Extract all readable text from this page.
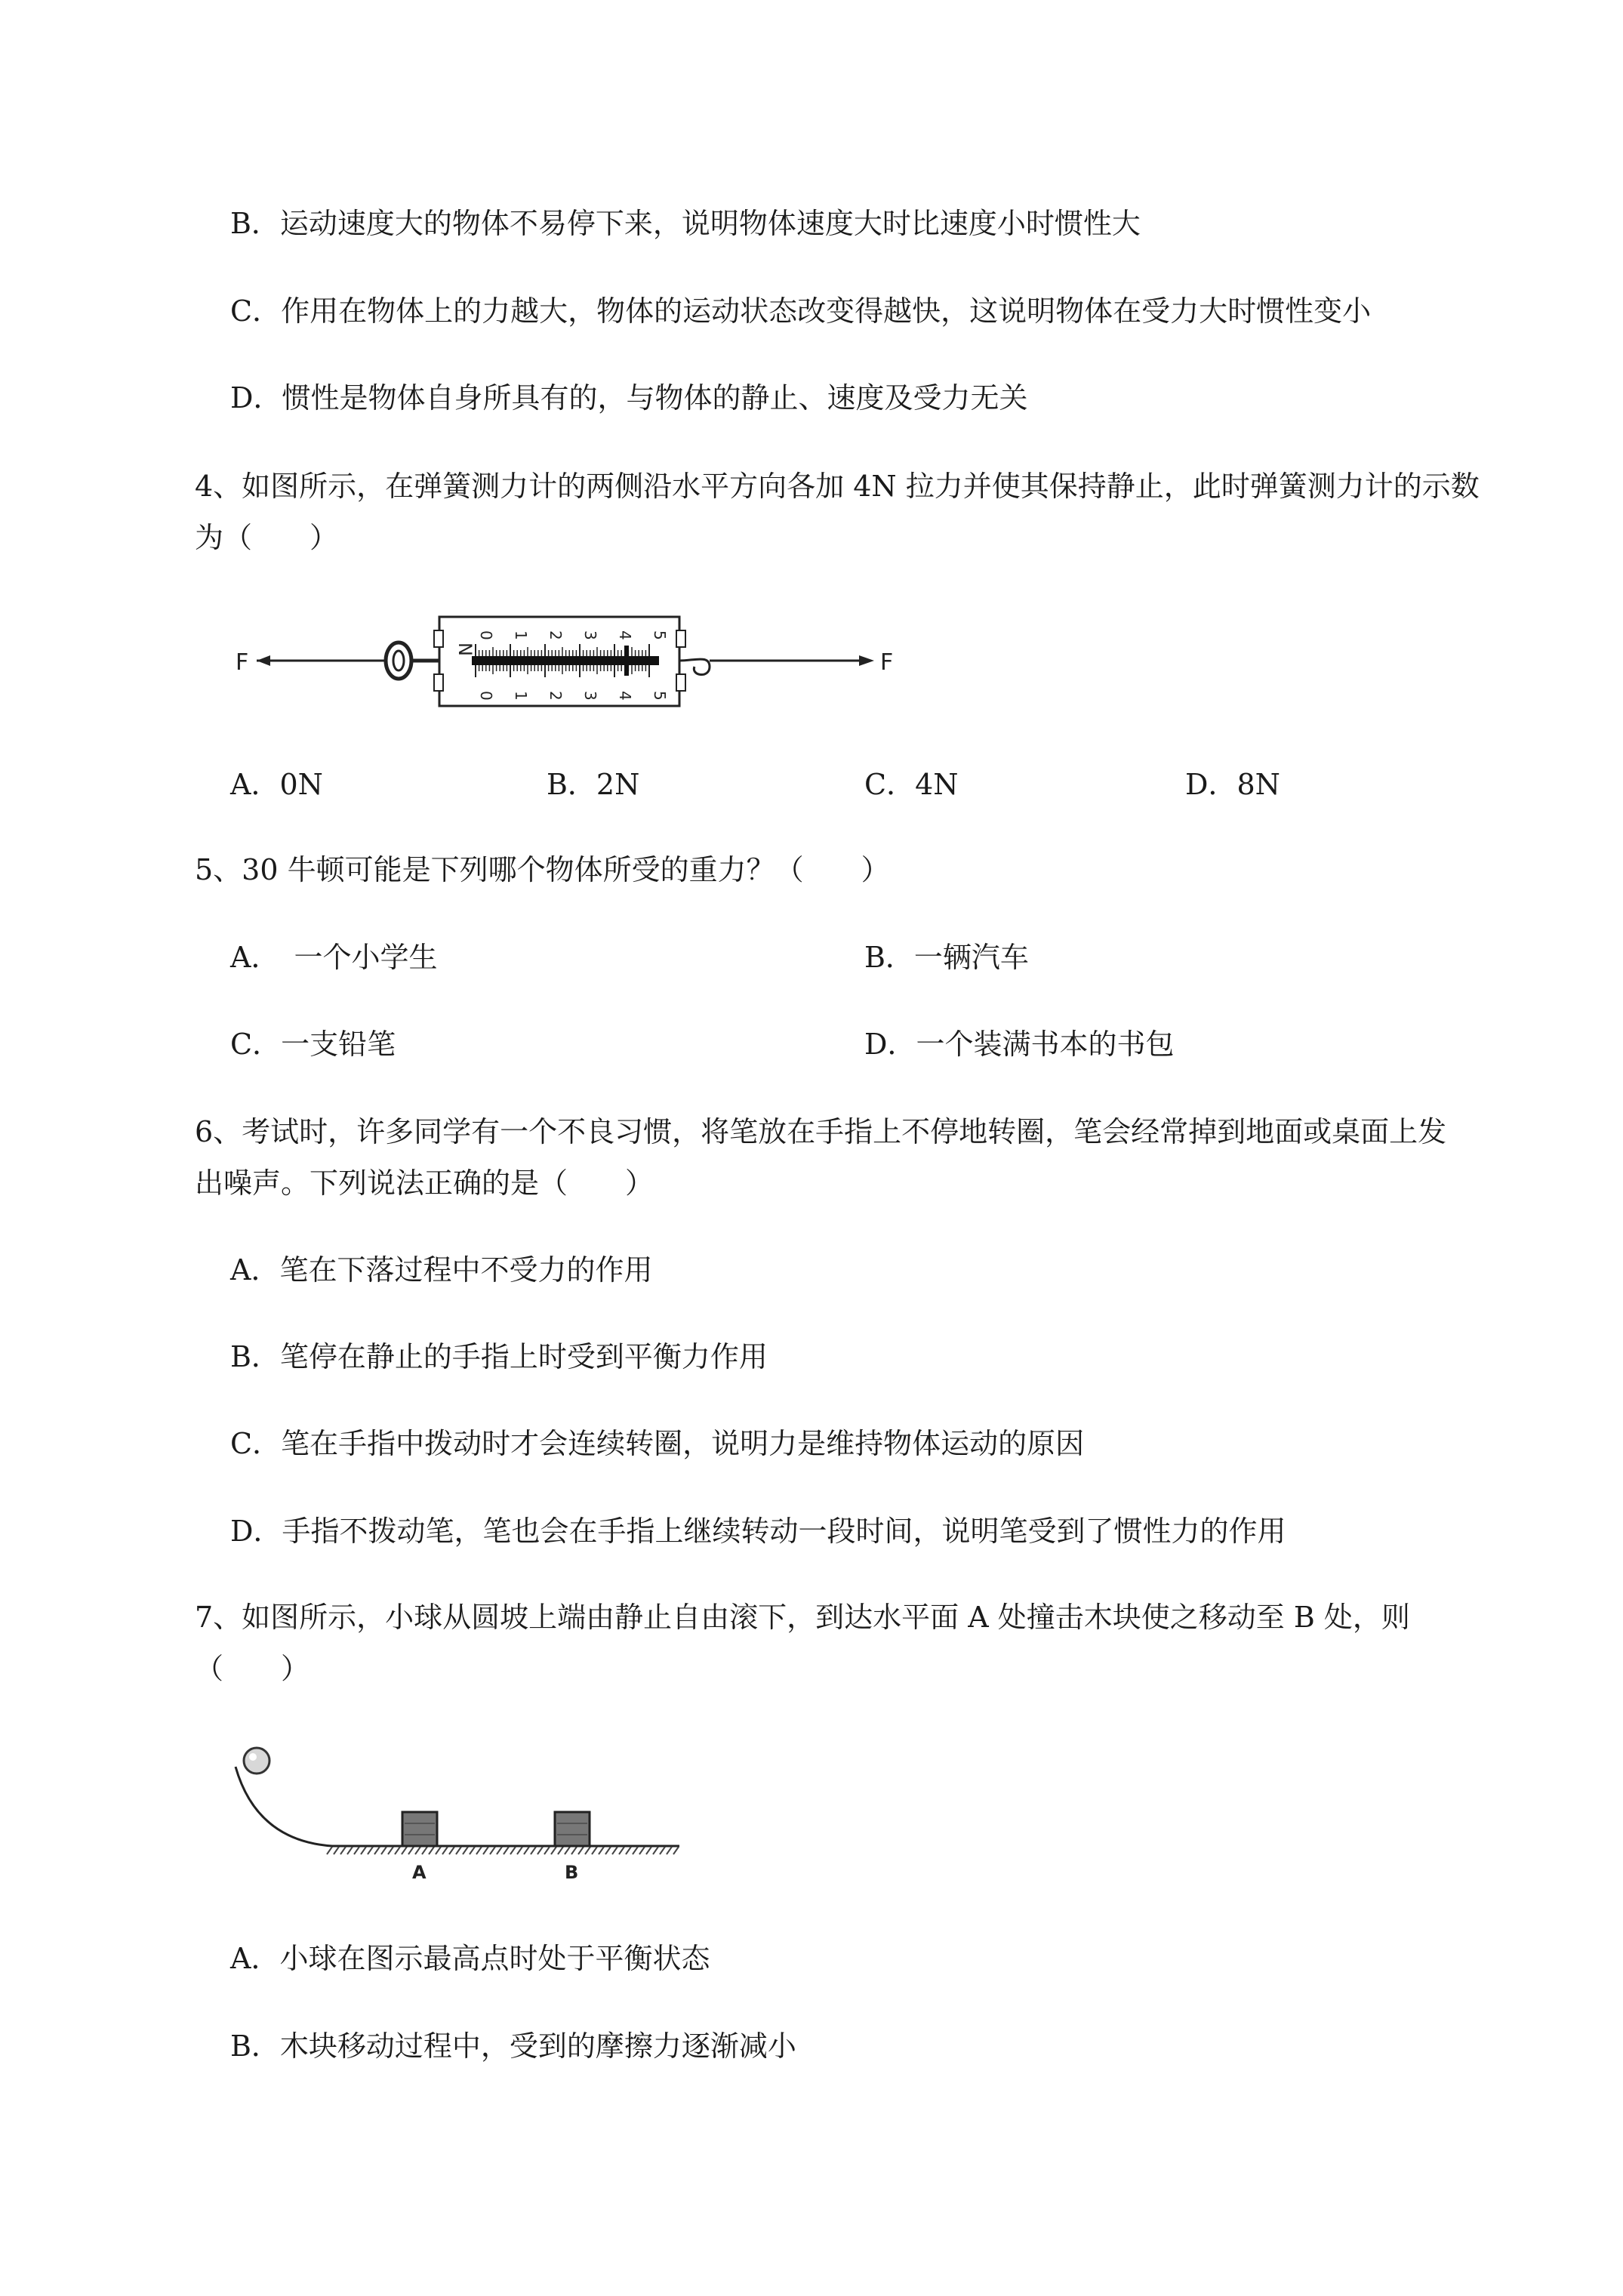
B．运动速度大的物体不易停下来，说明物体速度大时比速度小时惯性大
C．作用在物体上的力越大，物体的运动状态改变得越快，这说明物体在受力大时惯性变小
D．惯性是物体自身所具有的，与物体的静止、速度及受力无关
4、如图所示，在弹簧测力计的两侧沿水平方向各加 4N 拉力并使其保持静止，此时弹簧测力计的示数
为（　　）
F
N
0
0
1
1
2
2
3
3
4
4
5
5
F
A．0N	B．2N	C．4N	D．8N
5、30 牛顿可能是下列哪个物体所受的重力？（　　）
A．　一个小学生	B．一辆汽车
C．一支铅笔	D．一个装满书本的书包
6、考试时，许多同学有一个不良习惯，将笔放在手指上不停地转圈，笔会经常掉到地面或桌面上发
出噪声。下列说法正确的是（　　）
A．笔在下落过程中不受力的作用
B．笔停在静止的手指上时受到平衡力作用
C．笔在手指中拨动时才会连续转圈，说明力是维持物体运动的原因
D．手指不拨动笔，笔也会在手指上继续转动一段时间，说明笔受到了惯性力的作用
7、如图所示，小球从圆坡上端由静止自由滚下，到达水平面 A 处撞击木块使之移动至 B 处，则
（　　）
A	B
A．小球在图示最高点时处于平衡状态
B．木块移动过程中，受到的摩擦力逐渐减小
